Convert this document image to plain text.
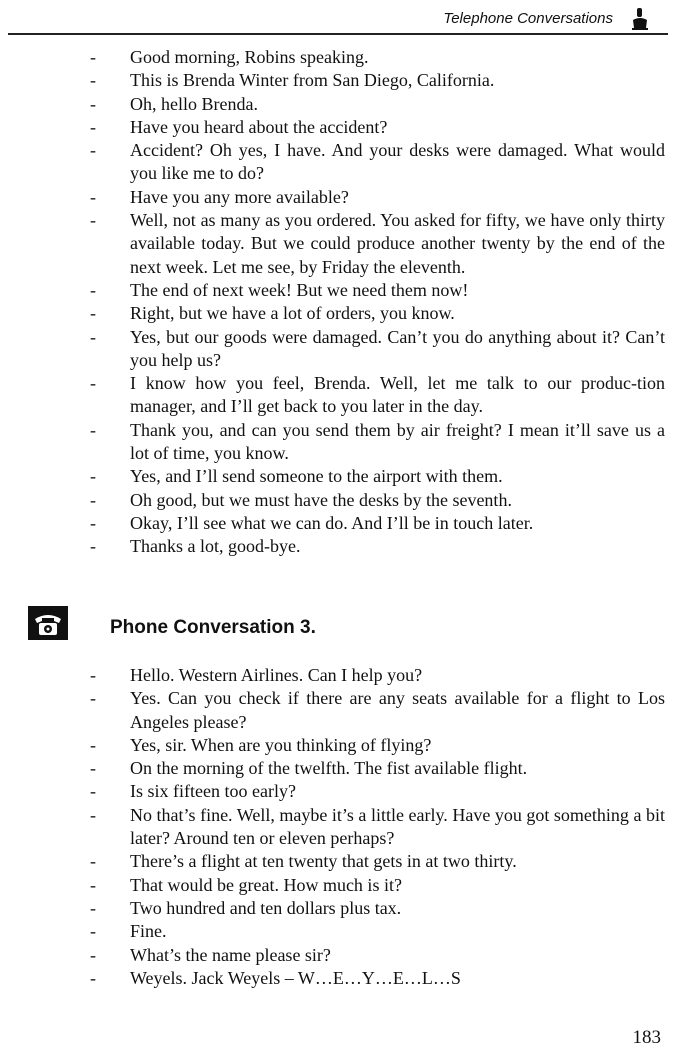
Telephone Conversations
- Good morning, Robins speaking.
- This is Brenda Winter from San Diego, California.
- Oh, hello Brenda.
- Have you heard about the accident?
- Accident? Oh yes, I have. And your desks were damaged. What would you like me to do?
- Have you any more available?
- Well, not as many as you ordered. You asked for fifty, we have only thirty available today. But we could produce another twenty by the end of the next week. Let me see, by Friday the eleventh.
- The end of next week! But we need them now!
- Right, but we have a lot of orders, you know.
- Yes, but our goods were damaged. Can’t you do anything about it? Can’t you help us?
- I know how you feel, Brenda. Well, let me talk to our produc-tion manager, and I’ll get back to you later in the day.
- Thank you, and can you send them by air freight? I mean it’ll save us a lot of time, you know.
- Yes, and I’ll send someone to the airport with them.
- Oh good, but we must have the desks by the seventh.
- Okay, I’ll see what we can do. And I’ll be in touch later.
- Thanks a lot, good-bye.
Phone Conversation 3.
- Hello. Western Airlines. Can I help you?
- Yes. Can you check if there are any seats available for a flight to Los Angeles please?
- Yes, sir. When are you thinking of flying?
- On the morning of the twelfth. The fist available flight.
- Is six fifteen too early?
- No that’s fine. Well, maybe it’s a little early. Have you got something a bit later? Around ten or eleven perhaps?
- There’s a flight at ten twenty that gets in at two thirty.
- That would be great. How much is it?
- Two hundred and ten dollars plus tax.
- Fine.
- What’s the name please sir?
- Weyels. Jack Weyels – W…E…Y…E…L…S
183
